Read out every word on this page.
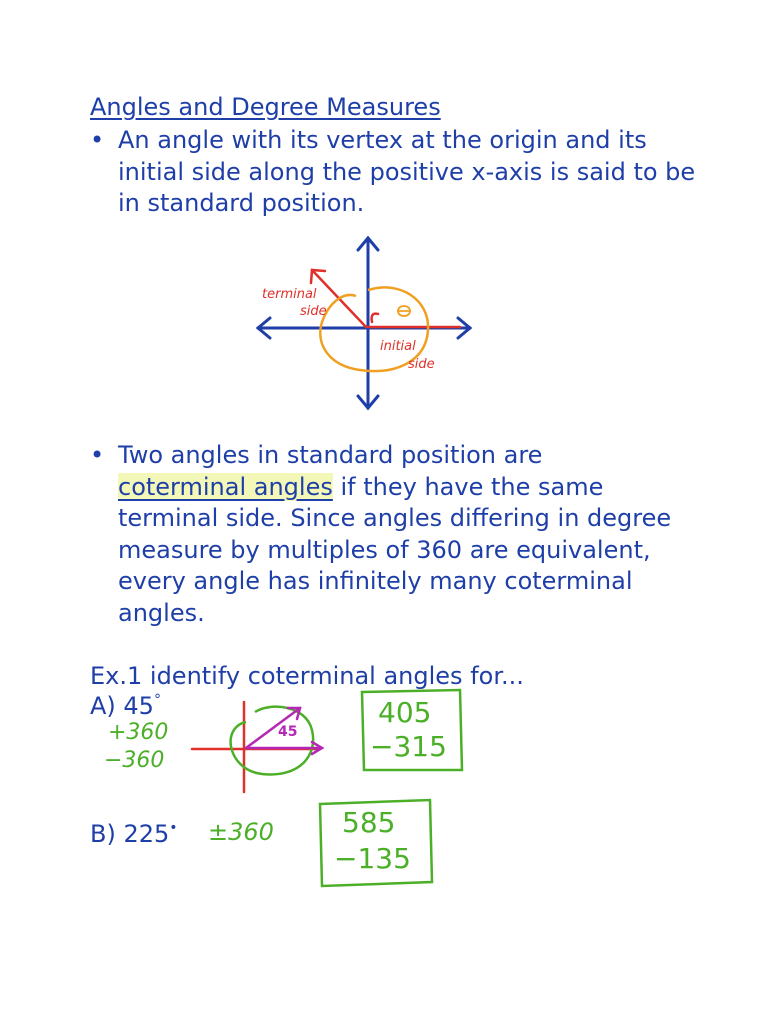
Angles and Degree Measures
• An angle with its vertex at the origin and its initial side along the positive x-axis is said to be in standard position.
terminal
side
initial
side
• Two angles in standard position are
coterminal angles if they have the same terminal side. Since angles differing in degree measure by multiples of 360 are equivalent, every angle has infinitely many coterminal angles.
Ex.1 identify coterminal angles for...
A) 45°
+360
−360
45
405
−315
B) 225• ±360 585
−135
